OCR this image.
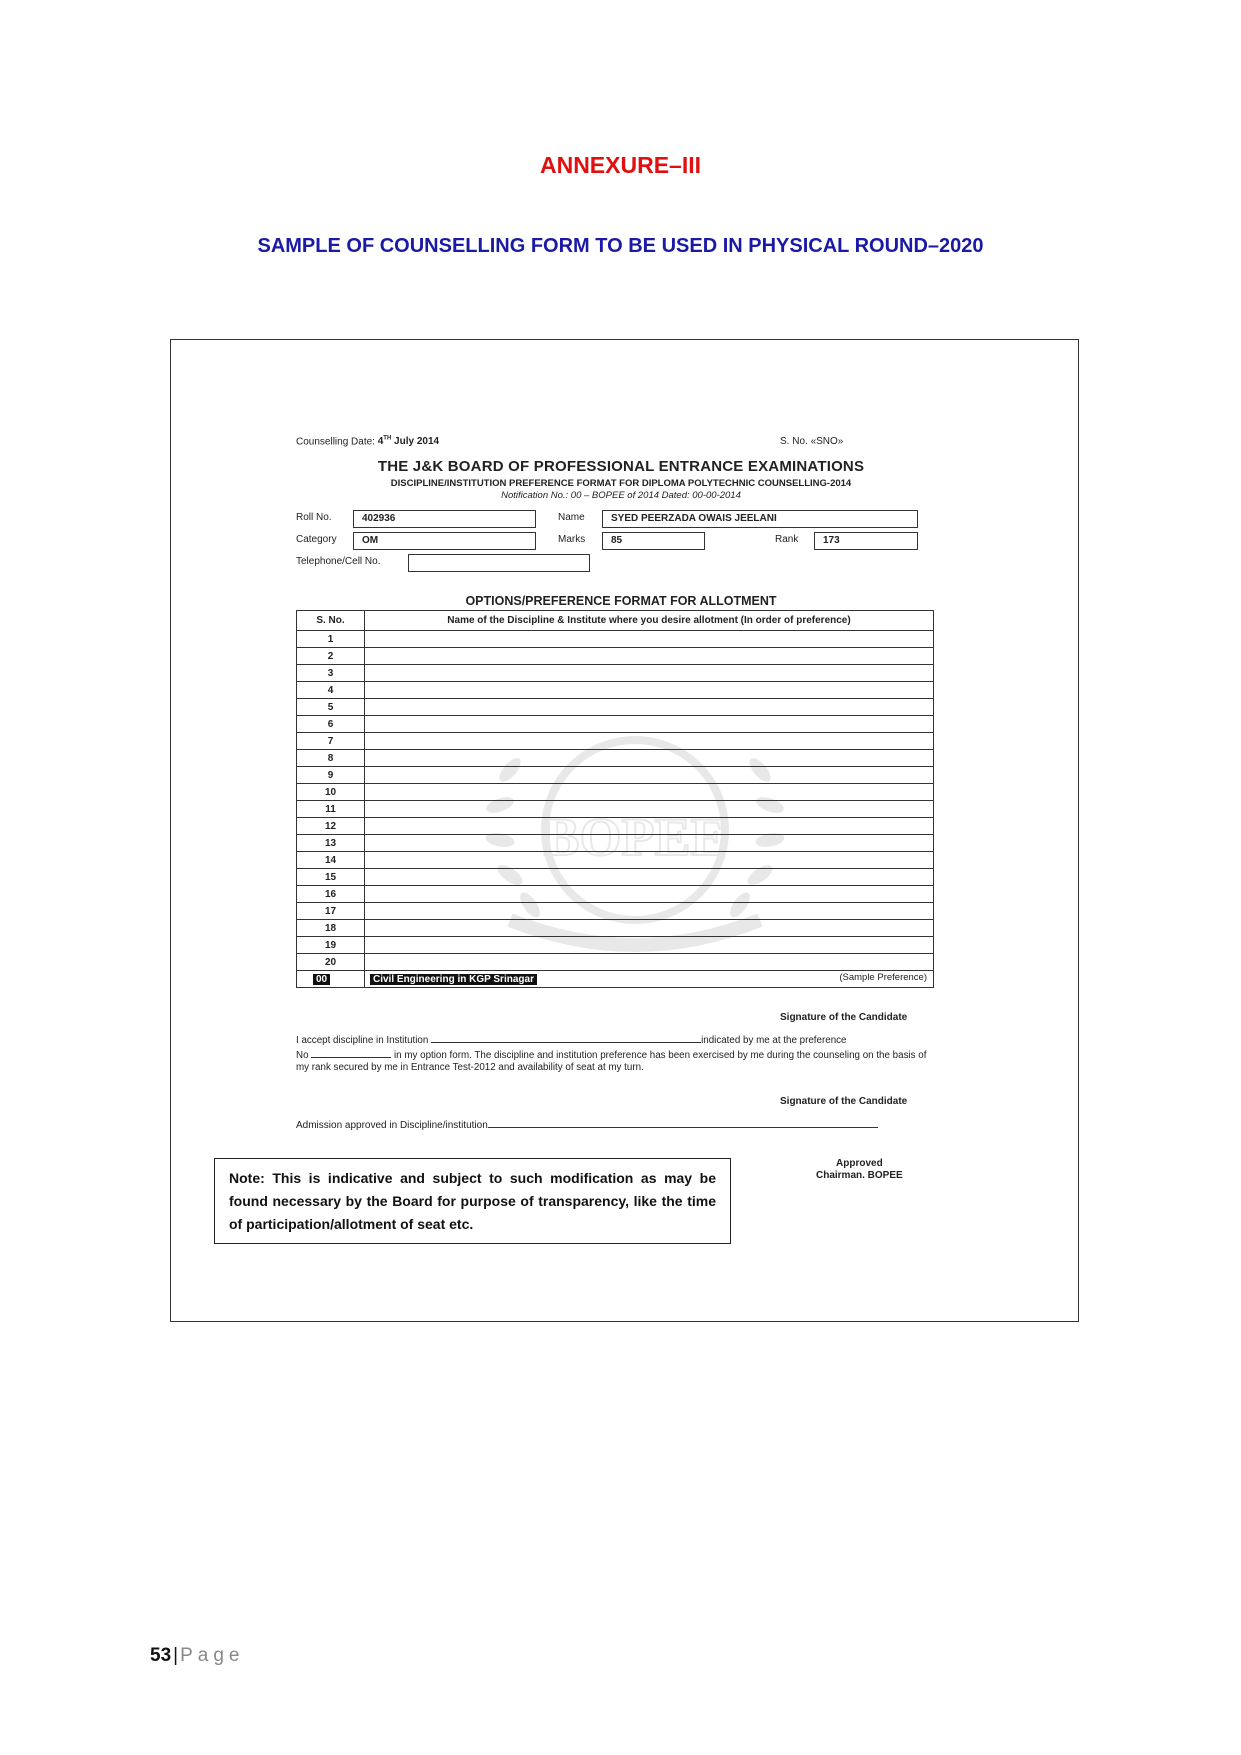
ANNEXURE–III
SAMPLE OF COUNSELLING FORM TO BE USED IN PHYSICAL ROUND–2020
BOPEE
Counselling Date: 4TH July 2014	S. No. «SNO»
THE J&K BOARD OF PROFESSIONAL ENTRANCE EXAMINATIONS
DISCIPLINE/INSTITUTION PREFERENCE FORMAT FOR DIPLOMA POLYTECHNIC COUNSELLING-2014
Notification No.: 00 – BOPEE of 2014 Dated: 00-00-2014
Roll No.	402936	Name	SYED PEERZADA OWAIS JEELANI
Category	OM	Marks	85	Rank	173
Telephone/Cell No.
OPTIONS/PREFERENCE FORMAT FOR ALLOTMENT
S. No.	Name of the Discipline & Institute where you desire allotment (In order of preference)
1	
2	
3	
4	
5	
6	
7	
8	
9	
10	
11	
12	
13	
14	
15	
16	
17	
18	
19	
20	
00	Civil Engineering in KGP Srinagar (Sample Preference)
Signature of the Candidate
I accept discipline in Institution	indicated by me at the preference
No	in my option form. The discipline and institution preference has been exercised by me during the counseling on the basis of my rank secured by me in Entrance Test-2012 and availability of seat at my turn.
Signature of the Candidate
Admission approved in Discipline/institution
Approved
Chairman. BOPEE
Note: This is indicative and subject to such modification as may be found necessary by the Board for purpose of transparency, like the time of participation/allotment of seat etc.
53 | Page
